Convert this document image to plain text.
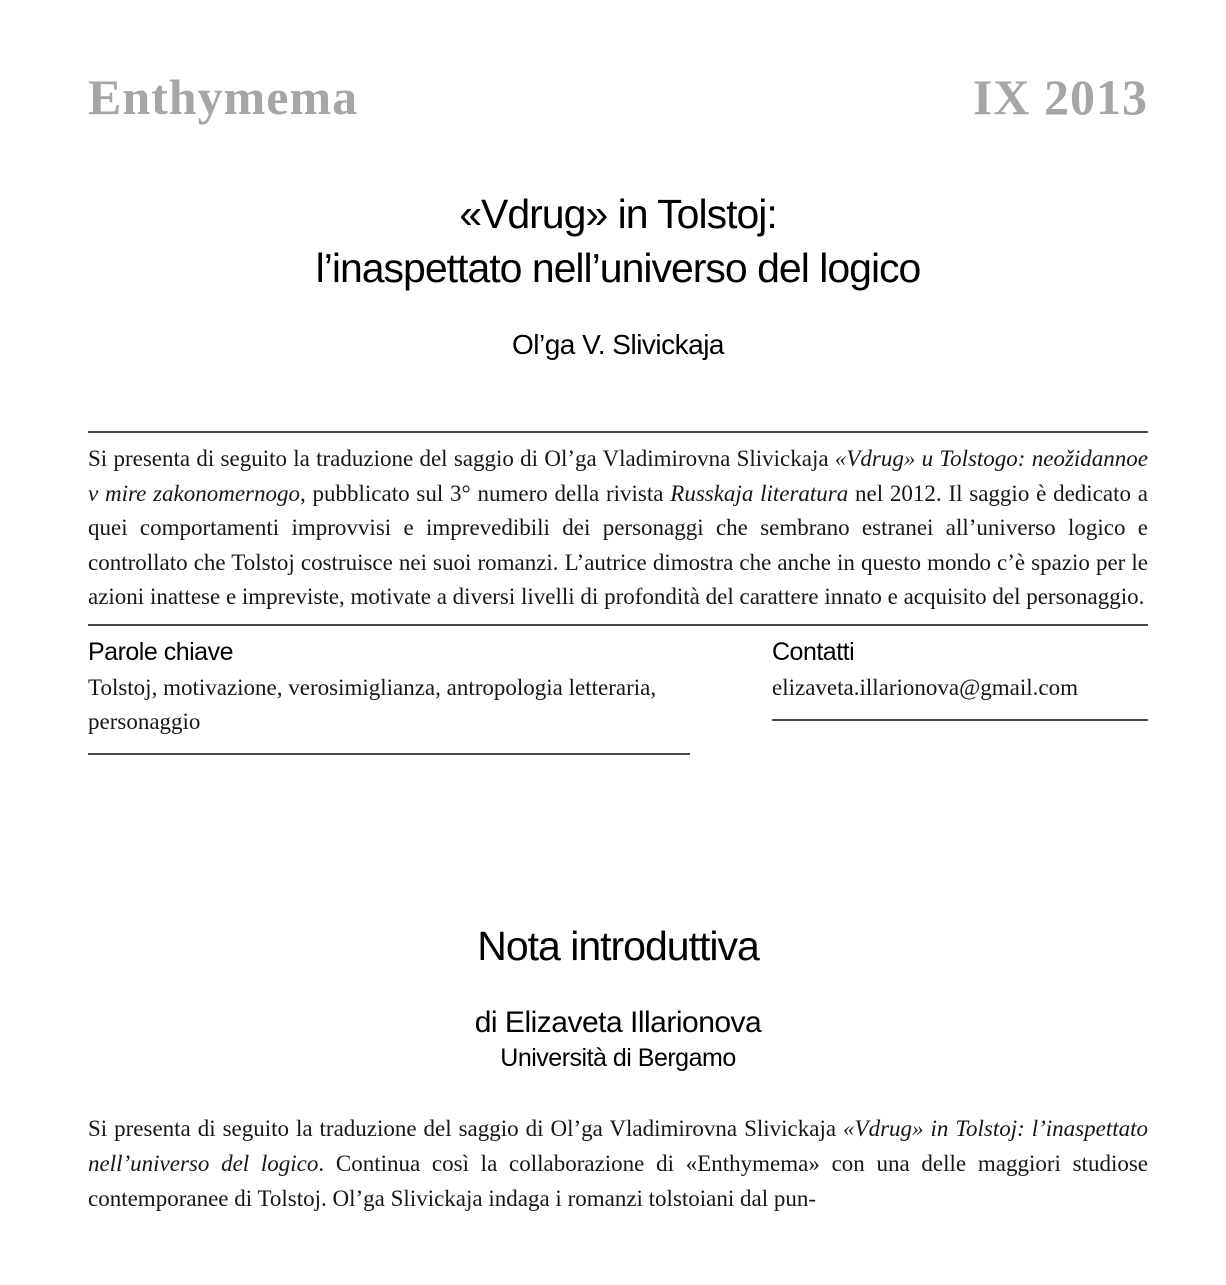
Enthymema	IX 2013
«Vdrug» in Tolstoj:
l’inaspettato nell’universo del logico
Ol’ga V. Slivickaja

Si presenta di seguito la traduzione del saggio di Ol’ga Vladimirovna Slivickaja «Vdrug» u Tolstogo: neožidannoe v mire zakonomernogo, pubblicato sul 3° numero della rivista Russkaja literatura nel 2012. Il saggio è dedicato a quei comportamenti improvvisi e imprevedibili dei personaggi che sembrano estranei all’universo logico e controllato che Tolstoj costruisce nei suoi romanzi. L’autrice dimostra che anche in questo mondo c’è spazio per le azioni inattese e impreviste, motivate a diversi livelli di profondità del carattere innato e acquisito del personaggio.

Parole chiave
Tolstoj, motivazione, verosimiglianza, antropologia letteraria, personaggio
Contatti
elizaveta.illarionova@gmail.com
Nota introduttiva
di Elizaveta Illarionova
Università di Bergamo

Si presenta di seguito la traduzione del saggio di Ol’ga Vladimirovna Slivickaja «Vdrug» in Tolstoj: l’inaspettato nell’universo del logico. Continua così la collaborazione di «Enthymema» con una delle maggiori studiose contemporanee di Tolstoj. Ol’ga Slivickaja indaga i romanzi tolstoiani dal pun-
